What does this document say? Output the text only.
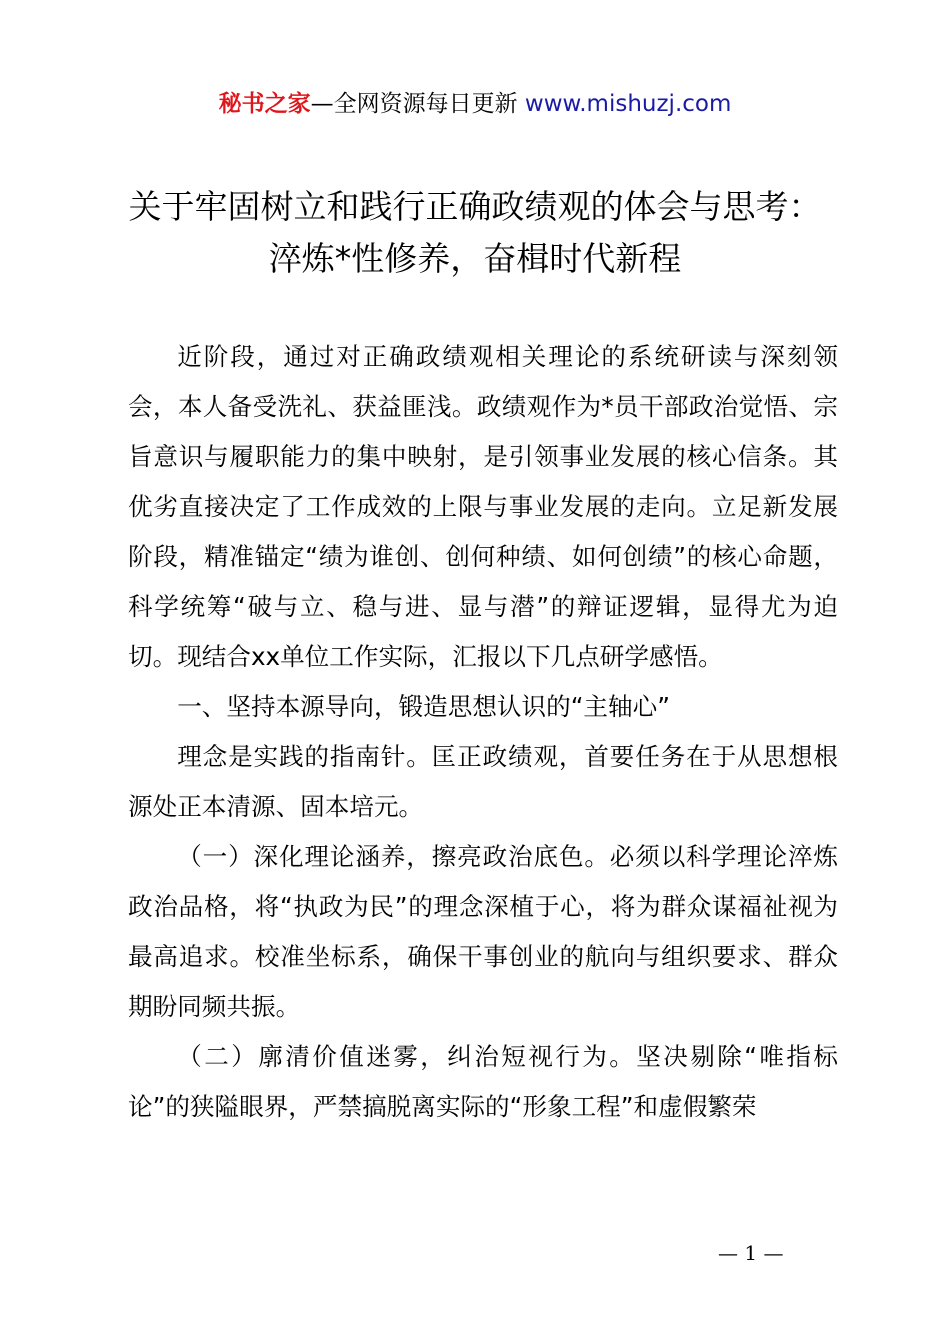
秘书之家—全网资源每日更新 www.mishuzj.com
关于牢固树立和践行正确政绩观的体会与思考：
淬炼*性修养，奋楫时代新程

近阶段，通过对正确政绩观相关理论的系统研读与深刻领会，本人备受洗礼、获益匪浅。政绩观作为*员干部政治觉悟、宗旨意识与履职能力的集中映射，是引领事业发展的核心信条。其优劣直接决定了工作成效的上限与事业发展的走向。立足新发展阶段，精准锚定“绩为谁创、创何种绩、如何创绩”的核心命题，科学统筹“破与立、稳与进、显与潜”的辩证逻辑，显得尤为迫切。现结合xx单位工作实际，汇报以下几点研学感悟。

一、坚持本源导向，锻造思想认识的“主轴心”

理念是实践的指南针。匡正政绩观，首要任务在于从思想根源处正本清源、固本培元。

（一）深化理论涵养，擦亮政治底色。必须以科学理论淬炼政治品格，将“执政为民”的理念深植于心，将为群众谋福祉视为最高追求。校准坐标系，确保干事创业的航向与组织要求、群众期盼同频共振。

（二）廓清价值迷雾，纠治短视行为。坚决剔除“唯指标论”的狭隘眼界，严禁搞脱离实际的“形象工程”和虚假繁荣

— 1 —
